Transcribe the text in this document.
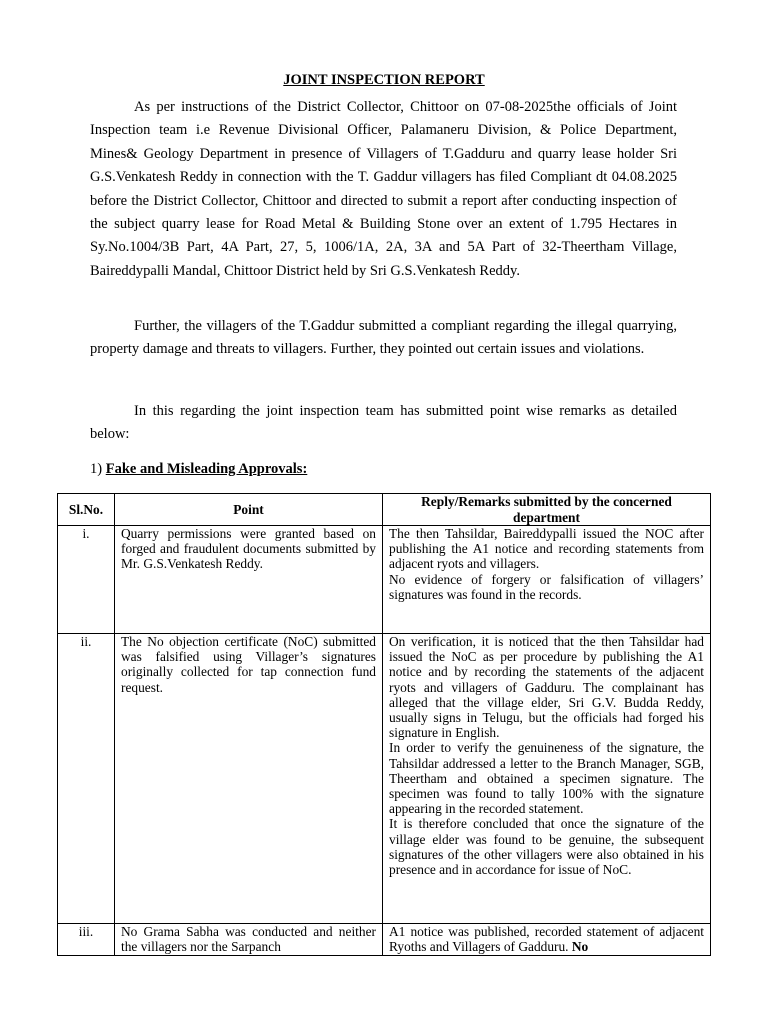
JOINT INSPECTION REPORT

As per instructions of the District Collector, Chittoor on 07-08-2025the officials of Joint Inspection team i.e Revenue Divisional Officer, Palamaneru Division, & Police Department, Mines& Geology Department in presence of Villagers of T.Gadduru and quarry lease holder Sri G.S.Venkatesh Reddy in connection with the T. Gaddur villagers has filed Compliant dt 04.08.2025 before the District Collector, Chittoor and directed to submit a report after conducting inspection of the subject quarry lease for Road Metal & Building Stone over an extent of 1.795 Hectares in Sy.No.1004/3B Part, 4A Part, 27, 5, 1006/1A, 2A, 3A and 5A Part of 32-Theertham Village, Baireddypalli Mandal, Chittoor District held by Sri G.S.Venkatesh Reddy.

Further, the villagers of the T.Gaddur submitted a compliant regarding the illegal quarrying, property damage and threats to villagers. Further, they pointed out certain issues and violations.

In this regarding the joint inspection team has submitted point wise remarks as detailed below:

1) Fake and Misleading Approvals:
Sl.No.	Point	Reply/Remarks submitted by the concerned department
i.	Quarry permissions were granted based on forged and fraudulent documents submitted by Mr. G.S.Venkatesh Reddy.	The then Tahsildar, Baireddypalli issued the NOC after publishing the A1 notice and recording statements from adjacent ryots and villagers.
No evidence of forgery or falsification of villagers’ signatures was found in the records.

ii.	The No objection certificate (NoC) submitted was falsified using Villager’s signatures originally collected for tap connection fund request.	On verification, it is noticed that the then Tahsildar had issued the NoC as per procedure by publishing the A1 notice and by recording the statements of the adjacent ryots and villagers of Gadduru. The complainant has alleged that the village elder, Sri G.V. Budda Reddy, usually signs in Telugu, but the officials had forged his signature in English.
In order to verify the genuineness of the signature, the Tahsildar addressed a letter to the Branch Manager, SGB, Theertham and obtained a specimen signature. The specimen was found to tally 100% with the signature appearing in the recorded statement.
It is therefore concluded that once the signature of the village elder was found to be genuine, the subsequent signatures of the other villagers were also obtained in his presence and in accordance for issue of NoC.

iii.	No Grama Sabha was conducted and neither the villagers nor the Sarpanch	A1 notice was published, recorded statement of adjacent Ryoths and Villagers of Gadduru. No
